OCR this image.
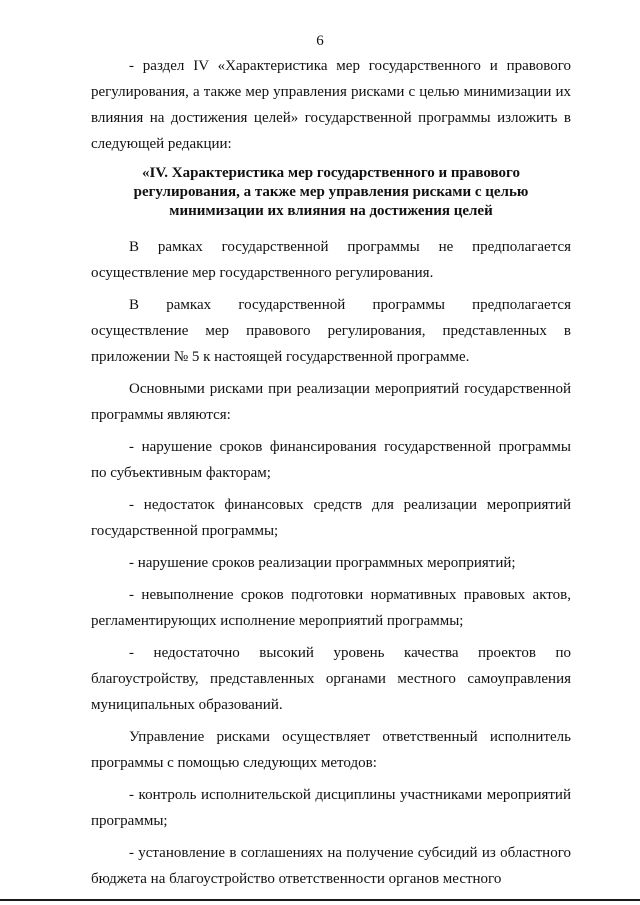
6

- раздел IV «Характеристика мер государственного и правового регулирования, а также мер управления рисками с целью минимизации их влияния на достижения целей» государственной программы изложить в следующей редакции:

«IV. Характеристика мер государственного и правового
регулирования, а также мер управления рисками с целью
минимизации их влияния на достижения целей

В рамках государственной программы не предполагается осуществление мер государственного регулирования.

В рамках государственной программы предполагается осуществление мер правового регулирования, представленных в приложении № 5 к настоящей государственной программе.

Основными рисками при реализации мероприятий государственной программы являются:

- нарушение сроков финансирования государственной программы по субъективным факторам;

- недостаток финансовых средств для реализации мероприятий государственной программы;

- нарушение сроков реализации программных мероприятий;

- невыполнение сроков подготовки нормативных правовых актов, регламентирующих исполнение мероприятий программы;

- недостаточно высокий уровень качества проектов по благоустройству, представленных органами местного самоуправления муниципальных образований.

Управление рисками осуществляет ответственный исполнитель программы с помощью следующих методов:

- контроль исполнительской дисциплины участниками мероприятий программы;

- установление в соглашениях на получение субсидий из областного бюджета на благоустройство ответственности органов местного
